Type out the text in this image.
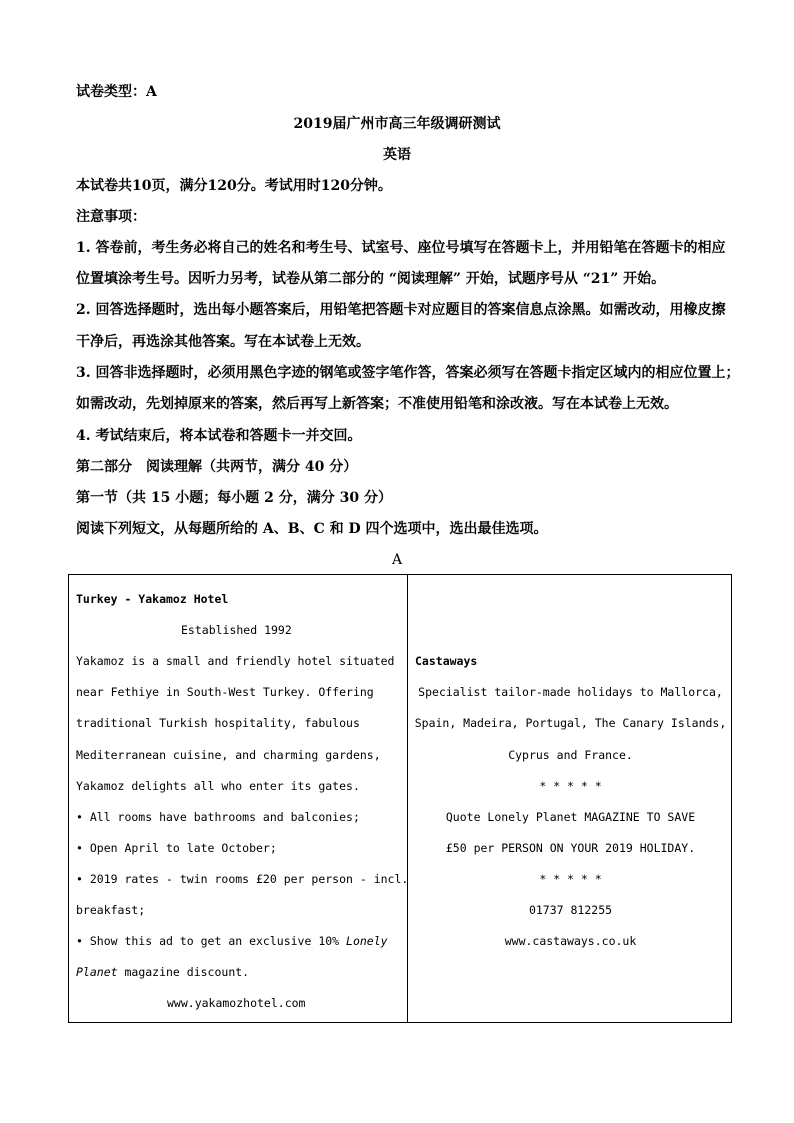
试卷类型：A
2019届广州市高三年级调研测试
英语
本试卷共10页，满分120分。考试用时120分钟。
注意事项：
1. 答卷前，考生务必将自己的姓名和考生号、试室号、座位号填写在答题卡上，并用铅笔在答题卡的相应
位置填涂考生号。因听力另考，试卷从第二部分的 “阅读理解” 开始，试题序号从 “21” 开始。
2. 回答选择题时，选出每小题答案后，用铅笔把答题卡对应题目的答案信息点涂黑。如需改动，用橡皮擦
干净后，再选涂其他答案。写在本试卷上无效。
3. 回答非选择题时，必须用黑色字迹的钢笔或签字笔作答，答案必须写在答题卡指定区域内的相应位置上；
如需改动，先划掉原来的答案，然后再写上新答案；不准使用铅笔和涂改液。写在本试卷上无效。
4. 考试结束后，将本试卷和答题卡一并交回。
第二部分　阅读理解（共两节，满分 40 分）
第一节（共 15 小题；每小题 2 分，满分 30 分）
阅读下列短文，从每题所给的 A、B、C 和 D 四个选项中，选出最佳选项。
A
Turkey - Yakamoz Hotel
Established 1992
Yakamoz is a small and friendly hotel situated
near Fethiye in South-West Turkey. Offering
traditional Turkish hospitality, fabulous
Mediterranean cuisine, and charming gardens,
Yakamoz delights all who enter its gates.
• All rooms have bathrooms and balconies;
• Open April to late October;
• 2019 rates - twin rooms £20 per person - incl.
breakfast;
• Show this ad to get an exclusive 10% Lonely
Planet magazine discount.
www.yakamozhotel.com
Castaways
Specialist tailor-made holidays to Mallorca,
Spain, Madeira, Portugal, The Canary Islands,
Cyprus and France.
* * * * *
Quote Lonely Planet MAGAZINE TO SAVE
£50 per PERSON ON YOUR 2019 HOLIDAY.
* * * * *
01737 812255
www.castaways.co.uk
